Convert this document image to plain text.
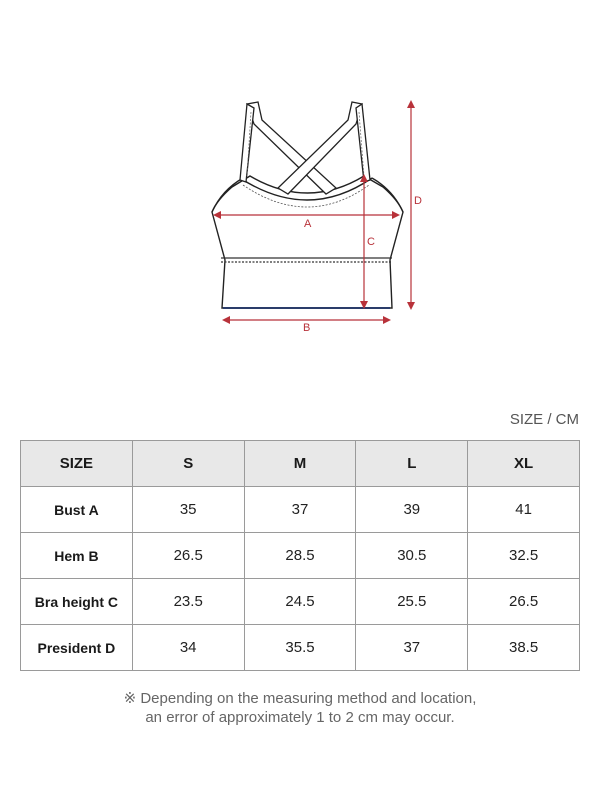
A
B
C
D
SIZE / CM
SIZE	S	M	L	XL
Bust A	35	37	39	41
Hem B	26.5	28.5	30.5	32.5
Bra height C	23.5	24.5	25.5	26.5
President D	34	35.5	37	38.5
※ Depending on the measuring method and location,
an error of approximately 1 to 2 cm may occur.
